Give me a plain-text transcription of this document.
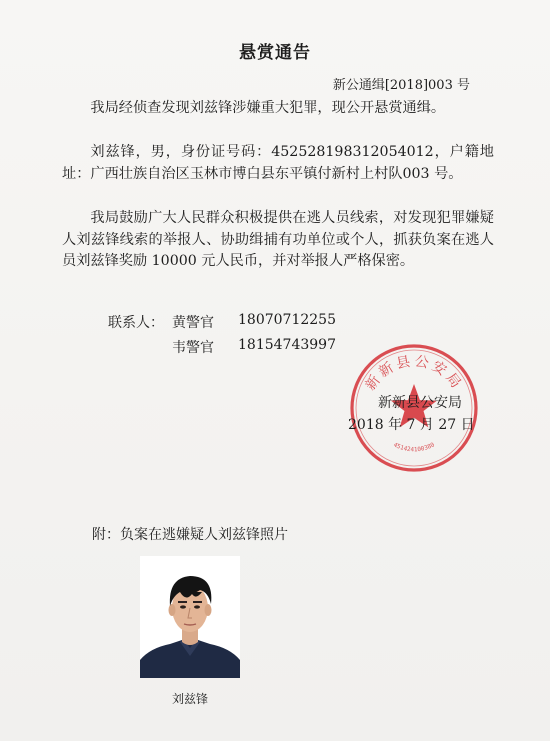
悬赏通告
新公通缉[2018]003 号

我局经侦查发现刘兹锋涉嫌重大犯罪，现公开悬赏通缉。

刘兹锋，男，身份证号码：452528198312054012，户籍地址：广西壮族自治区玉林市博白县东平镇付新村上村队003 号。

我局鼓励广大人民群众积极提供在逃人员线索，对发现犯罪嫌疑人刘兹锋线索的举报人、协助缉捕有功单位或个人，抓获负案在逃人员刘兹锋奖励 10000 元人民币，并对举报人严格保密。

联系人： 黄警官 18070712255
韦警官 18154743997
新新县公安局
451424100380
新新县公安局
2018 年 7 月 27 日
附：负案在逃嫌疑人刘兹锋照片
刘兹锋
